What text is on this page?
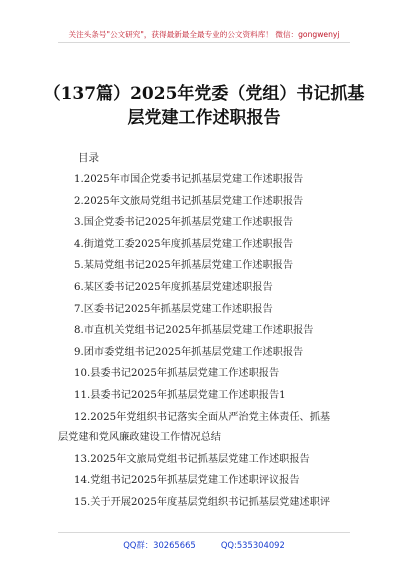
关注头条号"公文研究"，获得最新最全最专业的公文资料库！ 微信：gongwenyj
（137篇）2025年党委（党组）书记抓基
层党建工作述职报告
目录
1.2025年市国企党委书记抓基层党建工作述职报告
2.2025年文旅局党组书记抓基层党建工作述职报告
3.国企党委书记2025年抓基层党建工作述职报告
4.街道党工委2025年度抓基层党建工作述职报告
5.某局党组书记2025年抓基层党建工作述职报告
6.某区委书记2025年度抓基层党建述职报告
7.区委书记2025年抓基层党建工作述职报告
8.市直机关党组书记2025年抓基层党建工作述职报告
9.团市委党组书记2025年抓基层党建工作述职报告
10.县委书记2025年抓基层党建工作述职报告
11.县委书记2025年抓基层党建工作述职报告1
12.2025年党组织书记落实全面从严治党主体责任、抓基
层党建和党风廉政建设工作情况总结
13.2025年文旅局党组书记抓基层党建工作述职报告
14.党组书记2025年抓基层党建工作述职评议报告
15.关于开展2025年度基层党组织书记抓基层党建述职评
QQ群：30265665	QQ:535304092
